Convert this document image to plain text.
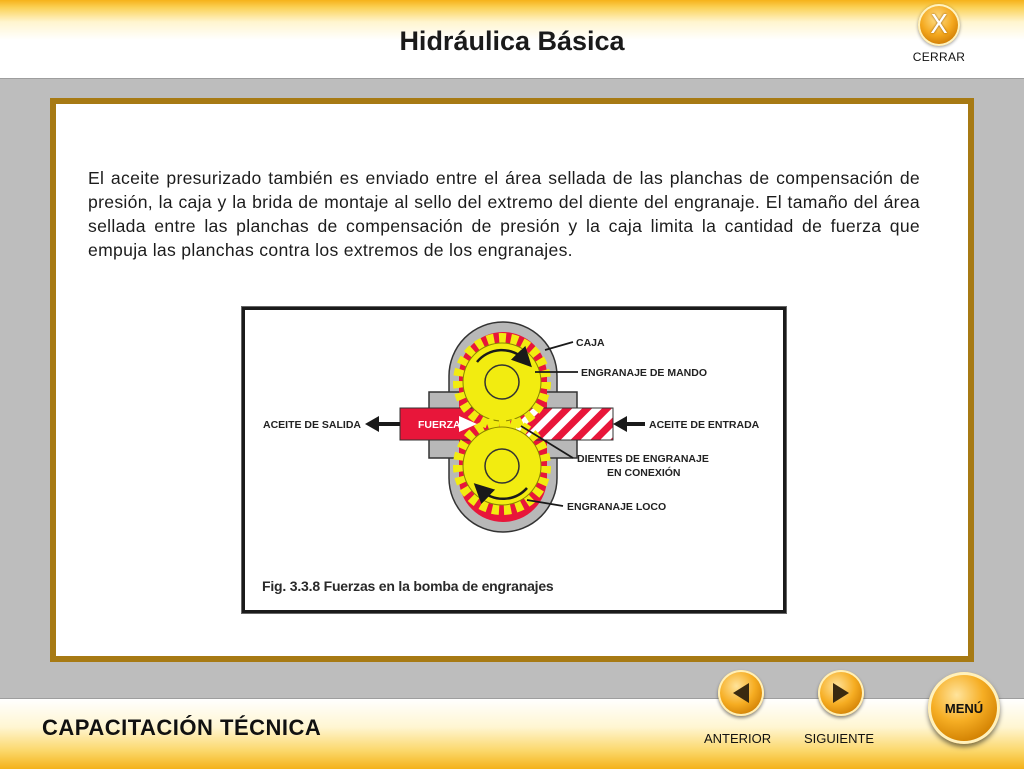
Hidráulica Básica
X
CERRAR
El aceite presurizado también es enviado entre el área sellada de las planchas de compensación de presión, la caja y la brida de montaje al sello del extremo del diente del engranaje. El tamaño del área sellada entre las planchas de compensación de presión y la caja limita la cantidad de fuerza que empuja las planchas contra los extremos de los engranajes.
CAJA
ENGRANAJE DE MANDO
ACEITE DE SALIDA	FUERZA	ACEITE DE ENTRADA
DIENTES DE ENGRANAJE
EN CONEXIÓN
ENGRANAJE LOCO
Fig. 3.3.8 Fuerzas en la bomba de engranajes
CAPACITACIÓN TÉCNICA	ANTERIOR	SIGUIENTE
MENÚ
